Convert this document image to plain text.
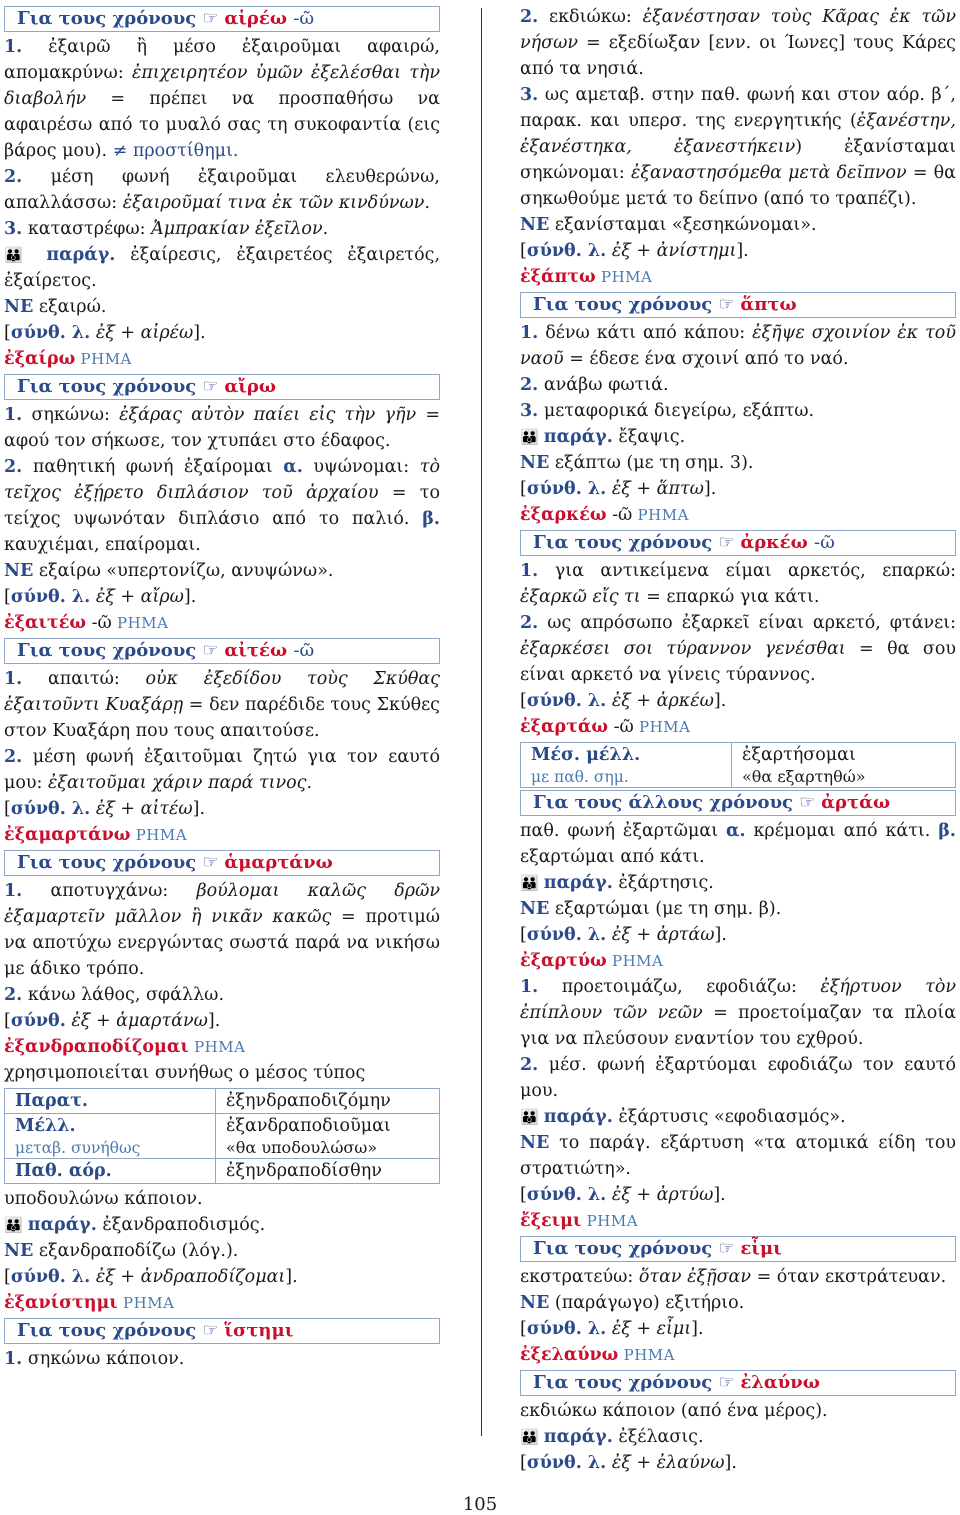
Για τους χρόνους ☞ αἱρέω -ῶ

1. ἐξαιρῶ ἢ μέσο ἐξαιροῦμαι αφαιρώ, απομακρύνω: ἐπιχειρητέον ὑμῶν ἐξελέσθαι τὴν διαβολήν = πρέπει να προσπαθήσω να αφαιρέσω από το μυαλό σας τη συκοφαντία (εις βάρος μου). ≠ προστίθημι.

2. μέση φωνή ἐξαιροῦμαι ελευθερώνω, απαλλάσσω: ἐξαιροῦμαί τινα ἐκ τῶν κινδύνων.

3. καταστρέφω: Ἀμπρακίαν ἐξεῖλον.

👪 παράγ. ἐξαίρεσις, ἐξαιρετέος ἐξαιρετός, ἐξαίρετος.

ΝΕ εξαιρώ.

[σύνθ. λ. ἐξ + αἱρέω].

ἐξαίρω ΡΗΜΑ

Για τους χρόνους ☞ αἴρω

1. σηκώνω: ἐξάρας αὐτὸν παίει εἰς τὴν γῆν = αφού τον σήκωσε, τον χτυπάει στο έδαφος.

2. παθητική φωνή ἐξαίρομαι α. υψώνομαι: τὸ τεῖχος ἐξῄρετο διπλάσιον τοῦ ἀρχαίου = το τείχος υψωνόταν διπλάσιο από το παλιό. β. καυχιέμαι, επαίρομαι.

ΝΕ εξαίρω «υπερτονίζω, ανυψώνω».

[σύνθ. λ. ἐξ + αἴρω].

ἐξαιτέω -ῶ ΡΗΜΑ

Για τους χρόνους ☞ αἰτέω -ῶ

1. απαιτώ: οὐκ ἐξεδίδου τοὺς Σκύθας ἐξαιτοῦντι Κυαξάρῃ = δεν παρέδιδε τους Σκύθες στον Κυαξάρη που τους απαιτούσε.

2. μέση φωνή ἐξαιτοῦμαι ζητώ για τον εαυτό μου: ἐξαιτοῦμαι χάριν παρά τινος.

[σύνθ. λ. ἐξ + αἰτέω].

ἐξαμαρτάνω ΡΗΜΑ

Για τους χρόνους ☞ ἁμαρτάνω

1. αποτυγχάνω: βούλομαι καλῶς δρῶν ἐξαμαρτεῖν μᾶλλον ἢ νικᾶν κακῶς = προτιμώ να αποτύχω ενεργώντας σωστά παρά να νικήσω με άδικο τρόπο.

2. κάνω λάθος, σφάλλω.

[σύνθ. ἐξ + ἁμαρτάνω].

ἐξανδραποδίζομαι ΡΗΜΑ

χρησιμοποιείται συνήθως ο μέσος τύπος

Παρατ.	ἐξηνδραποδιζόμην
Μέλλ.
μεταβ. συνήθως	ἐξανδραποδιοῦμαι
«θα υποδουλώσω»

Παθ. αόρ.	ἐξηνδραποδίσθην

υποδουλώνω κάποιον.

👪 παράγ. ἐξανδραποδισμός.

ΝΕ εξανδραποδίζω (λόγ.).

[σύνθ. λ. ἐξ + ἀνδραποδίζομαι].

ἐξανίστημι ΡΗΜΑ

Για τους χρόνους ☞ ἵστημι

1. σηκώνω κάποιον.

2. εκδιώκω: ἐξανέστησαν τοὺς Κᾶρας ἐκ τῶν νήσων = εξεδίωξαν [ενν. οι Ίωνες] τους Κάρες από τα νησιά.

3. ως αμεταβ. στην παθ. φωνή και στον αόρ. β΄, παρακ. και υπερσ. της ενεργητικής (ἐξανέστην, ἐξανέστηκα, ἐξανεστήκειν) ἐξανίσταμαι σηκώνομαι: ἐξαναστησόμεθα μετὰ δεῖπνον = θα σηκωθούμε μετά το δείπνο (από το τραπέζι).

ΝΕ εξανίσταμαι «ξεσηκώνομαι».

[σύνθ. λ. ἐξ + ἀνίστημι].

ἐξάπτω ΡΗΜΑ

Για τους χρόνους ☞ ἅπτω

1. δένω κάτι από κάπου: ἐξῆψε σχοινίον ἐκ τοῦ ναοῦ = έδεσε ένα σχοινί από το ναό.

2. ανάβω φωτιά.

3. μεταφορικά διεγείρω, εξάπτω.

👪 παράγ. ἔξαψις.

ΝΕ εξάπτω (με τη σημ. 3).

[σύνθ. λ. ἐξ + ἅπτω].

ἐξαρκέω -ῶ ΡΗΜΑ

Για τους χρόνους ☞ ἀρκέω -ῶ

1. για αντικείμενα είμαι αρκετός, επαρκώ: ἐξαρκῶ εἴς τι = επαρκώ για κάτι.

2. ως απρόσωπο ἐξαρκεῖ είναι αρκετό, φτάνει: ἐξαρκέσει σοι τύραννον γενέσθαι = θα σου είναι αρκετό να γίνεις τύραννος.

[σύνθ. λ. ἐξ + ἀρκέω].

ἐξαρτάω -ῶ ΡΗΜΑ

Μέσ. μέλλ.
με παθ. σημ.
	ἐξαρτήσομαι
«θα εξαρτηθώ»
Για τους άλλους χρόνους ☞ ἀρτάω

παθ. φωνή ἐξαρτῶμαι α. κρέμομαι από κάτι. β. εξαρτώμαι από κάτι.

👪 παράγ. ἐξάρτησις.

ΝΕ εξαρτώμαι (με τη σημ. β).

[σύνθ. λ. ἐξ + ἀρτάω].

ἐξαρτύω ΡΗΜΑ

1. προετοιμάζω, εφοδιάζω: ἐξήρτυον τὸν ἐπίπλουν τῶν νεῶν = προετοίμαζαν τα πλοία για να πλεύσουν εναντίον του εχθρού.

2. μέσ. φωνή ἐξαρτύομαι εφοδιάζω τον εαυτό μου.

👪 παράγ. ἐξάρτυσις «εφοδιασμός».

ΝΕ το παράγ. εξάρτυση «τα ατομικά είδη του στρατιώτη».

[σύνθ. λ. ἐξ + ἀρτύω].

ἔξειμι ΡΗΜΑ

Για τους χρόνους ☞ εἶμι

εκστρατεύω: ὅταν ἐξῇσαν = όταν εκστράτευαν.

ΝΕ (παράγωγο) εξιτήριο.

[σύνθ. λ. ἐξ + εἶμι].

ἐξελαύνω ΡΗΜΑ

Για τους χρόνους ☞ ἐλαύνω

εκδιώκω κάποιον (από ένα μέρος).

👪 παράγ. ἐξέλασις.

[σύνθ. λ. ἐξ + ἐλαύνω].

105
